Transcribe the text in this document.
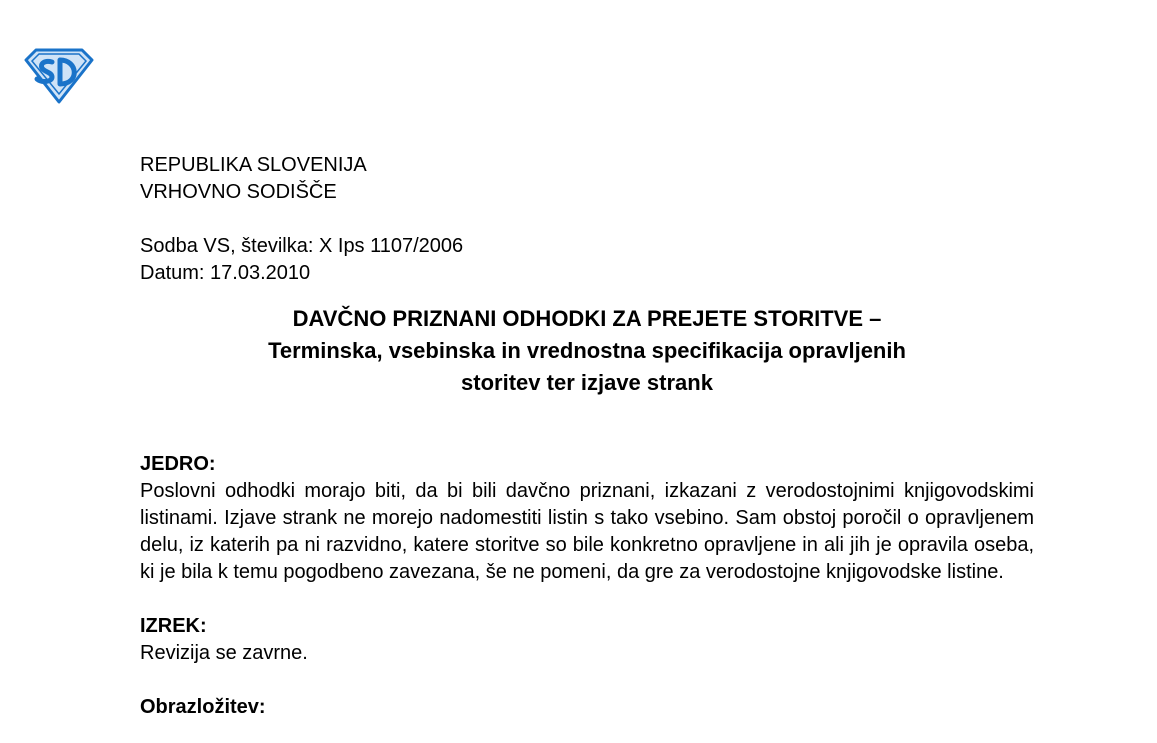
REPUBLIKA SLOVENIJA
VRHOVNO SODIŠČE
Sodba VS, številka: X Ips 1107/2006
Datum: 17.03.2010
DAVČNO PRIZNANI ODHODKI ZA PREJETE STORITVE –
Terminska, vsebinska in vrednostna specifikacija opravljenih
storitev ter izjave strank
JEDRO:
Poslovni odhodki morajo biti, da bi bili davčno priznani, izkazani z verodostojnimi knjigovodskimi listinami. Izjave strank ne morejo nadomestiti listin s tako vsebino. Sam obstoj poročil o opravljenem delu, iz katerih pa ni razvidno, katere storitve so bile konkretno opravljene in ali jih je opravila oseba, ki je bila k temu pogodbeno zavezana, še ne pomeni, da gre za verodostojne knjigovodske listine.
IZREK:
Revizija se zavrne.
Obrazložitev:
